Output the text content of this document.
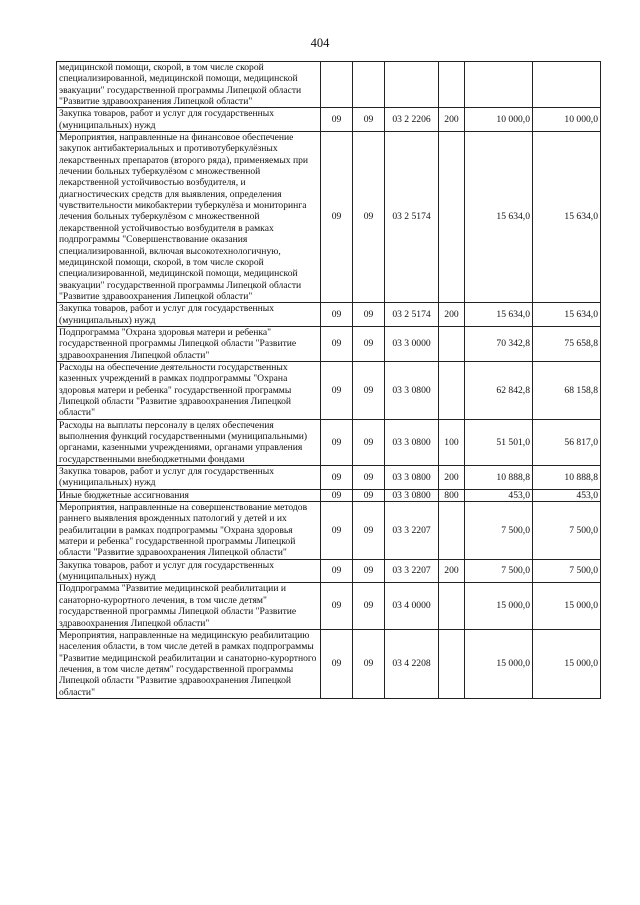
404
медицинской помощи, скорой, в том числе скорой специализированной, медицинской помощи, медицинской эвакуации" государственной программы Липецкой области "Развитие здравоохранения Липецкой области"						
Закупка товаров, работ и услуг для государственных (муниципальных) нужд	09	09	03 2 2206	200	10 000,0	10 000,0
Мероприятия, направленные на финансовое обеспечение закупок антибактериальных и противотуберкулёзных лекарственных препаратов (второго ряда), применяемых при лечении больных туберкулёзом с множественной лекарственной устойчивостью возбудителя, и диагностических средств для выявления, определения чувствительности микобактерии туберкулёза и мониторинга лечения больных туберкулёзом с множественной лекарственной устойчивостью возбудителя в рамках подпрограммы "Совершенствование оказания специализированной, включая высокотехнологичную, медицинской помощи, скорой, в том числе скорой специализированной, медицинской помощи, медицинской эвакуации" государственной программы Липецкой области "Развитие здравоохранения Липецкой области"	09	09	03 2 5174		15 634,0	15 634,0
Закупка товаров, работ и услуг для государственных (муниципальных) нужд	09	09	03 2 5174	200	15 634,0	15 634,0
Подпрограмма "Охрана здоровья матери и ребенка" государственной программы Липецкой области "Развитие здравоохранения Липецкой области"	09	09	03 3 0000		70 342,8	75 658,8
Расходы на обеспечение деятельности государственных казенных учреждений в рамках подпрограммы "Охрана здоровья матери и ребенка" государственной программы Липецкой области "Развитие здравоохранения Липецкой области"	09	09	03 3 0800		62 842,8	68 158,8
Расходы на выплаты персоналу в целях обеспечения выполнения функций государственными (муниципальными) органами, казенными учреждениями, органами управления государственными внебюджетными фондами	09	09	03 3 0800	100	51 501,0	56 817,0
Закупка товаров, работ и услуг для государственных (муниципальных) нужд	09	09	03 3 0800	200	10 888,8	10 888,8
Иные бюджетные ассигнования	09	09	03 3 0800	800	453,0	453,0
Мероприятия, направленные на совершенствование методов раннего выявления врожденных патологий у детей и их реабилитации в рамках подпрограммы "Охрана здоровья матери и ребенка" государственной программы Липецкой области "Развитие здравоохранения Липецкой области"	09	09	03 3 2207		7 500,0	7 500,0
Закупка товаров, работ и услуг для государственных (муниципальных) нужд	09	09	03 3 2207	200	7 500,0	7 500,0
Подпрограмма "Развитие медицинской реабилитации и санаторно-курортного лечения, в том числе детям" государственной программы Липецкой области "Развитие здравоохранения Липецкой области"	09	09	03 4 0000		15 000,0	15 000,0
Мероприятия, направленные на медицинскую реабилитацию населения области, в том числе детей в рамках подпрограммы "Развитие медицинской реабилитации и санаторно-курортного лечения, в том числе детям" государственной программы Липецкой области "Развитие здравоохранения Липецкой области"	09	09	03 4 2208		15 000,0	15 000,0
